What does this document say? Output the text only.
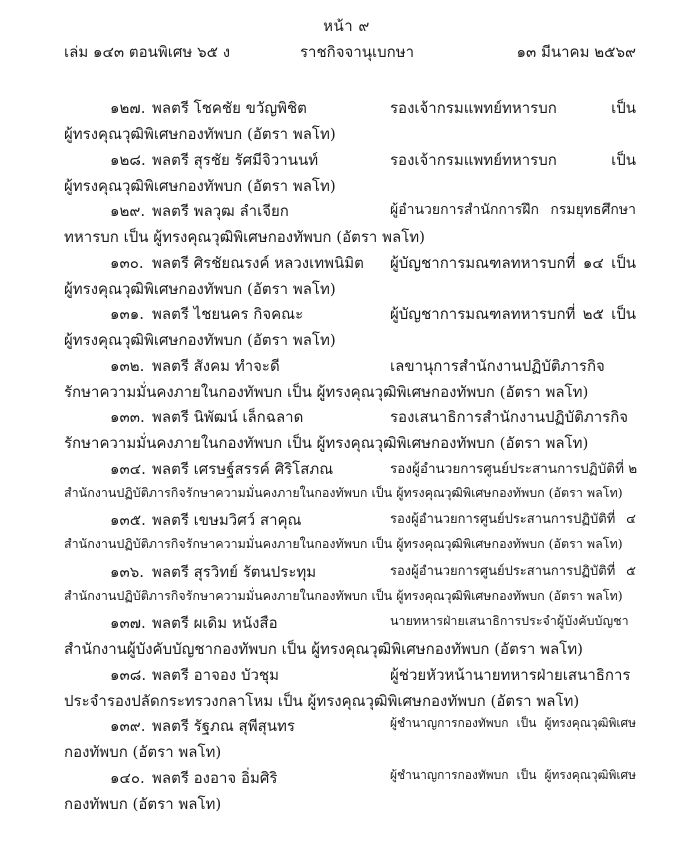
หน้า ๙
เล่ม ๑๔๓ ตอนพิเศษ ๖๕ ง	ราชกิจจานุเบกษา	๑๓ มีนาคม ๒๕๖๙
๑๒๗. พลตรี โชคชัย ขวัญพิชิต	รองเจ้ากรมแพทย์ทหารบก เป็น
ผู้ทรงคุณวุฒิพิเศษกองทัพบก (อัตรา พลโท)
๑๒๘. พลตรี สุรชัย รัศมีจิวานนท์	รองเจ้ากรมแพทย์ทหารบก เป็น
ผู้ทรงคุณวุฒิพิเศษกองทัพบก (อัตรา พลโท)
๑๒๙. พลตรี พลวุฒ ลำเจียก	ผู้อำนวยการสำนักการฝึก กรมยุทธศึกษา
ทหารบก เป็น ผู้ทรงคุณวุฒิพิเศษกองทัพบก (อัตรา พลโท)
๑๓๐. พลตรี ศิรชัยณรงค์ หลวงเทพนิมิต ผู้บัญชาการมณฑลทหารบกที่ ๑๔ เป็น
ผู้ทรงคุณวุฒิพิเศษกองทัพบก (อัตรา พลโท)
๑๓๑. พลตรี ไชยนคร กิจคณะ	ผู้บัญชาการมณฑลทหารบกที่ ๒๕ เป็น
ผู้ทรงคุณวุฒิพิเศษกองทัพบก (อัตรา พลโท)
๑๓๒. พลตรี สังคม ทำจะดี	เลขานุการสำนักงานปฏิบัติภารกิจ
รักษาความมั่นคงภายในกองทัพบก เป็น ผู้ทรงคุณวุฒิพิเศษกองทัพบก (อัตรา พลโท)
๑๓๓. พลตรี นิพัฒน์ เล็กฉลาด	รองเสนาธิการสำนักงานปฏิบัติภารกิจ
รักษาความมั่นคงภายในกองทัพบก เป็น ผู้ทรงคุณวุฒิพิเศษกองทัพบก (อัตรา พลโท)
๑๓๔. พลตรี เศรษฐ์สรรค์ ศิริโสภณ	รองผู้อำนวยการศูนย์ประสานการปฏิบัติที่ ๒
สำนักงานปฏิบัติภารกิจรักษาความมั่นคงภายในกองทัพบก เป็น ผู้ทรงคุณวุฒิพิเศษกองทัพบก (อัตรา พลโท)
๑๓๕. พลตรี เขษมวิศว์ สาคุณ	รองผู้อำนวยการศูนย์ประสานการปฏิบัติที่ ๔
สำนักงานปฏิบัติภารกิจรักษาความมั่นคงภายในกองทัพบก เป็น ผู้ทรงคุณวุฒิพิเศษกองทัพบก (อัตรา พลโท)
๑๓๖. พลตรี สุรวิทย์ รัตนประทุม	รองผู้อำนวยการศูนย์ประสานการปฏิบัติที่ ๕
สำนักงานปฏิบัติภารกิจรักษาความมั่นคงภายในกองทัพบก เป็น ผู้ทรงคุณวุฒิพิเศษกองทัพบก (อัตรา พลโท)
๑๓๗. พลตรี ผเดิม หนังสือ	นายทหารฝ่ายเสนาธิการประจำผู้บังคับบัญชา
สำนักงานผู้บังคับบัญชากองทัพบก เป็น ผู้ทรงคุณวุฒิพิเศษกองทัพบก (อัตรา พลโท)
๑๓๘. พลตรี อาจอง บัวชุม	ผู้ช่วยหัวหน้านายทหารฝ่ายเสนาธิการ
ประจำรองปลัดกระทรวงกลาโหม เป็น ผู้ทรงคุณวุฒิพิเศษกองทัพบก (อัตรา พลโท)
๑๓๙. พลตรี รัฐภณ สุพีสุนทร	ผู้ชำนาญการกองทัพบก เป็น ผู้ทรงคุณวุฒิพิเศษ
กองทัพบก (อัตรา พลโท)
๑๔๐. พลตรี องอาจ อิ่มศิริ	ผู้ชำนาญการกองทัพบก เป็น ผู้ทรงคุณวุฒิพิเศษ
กองทัพบก (อัตรา พลโท)
